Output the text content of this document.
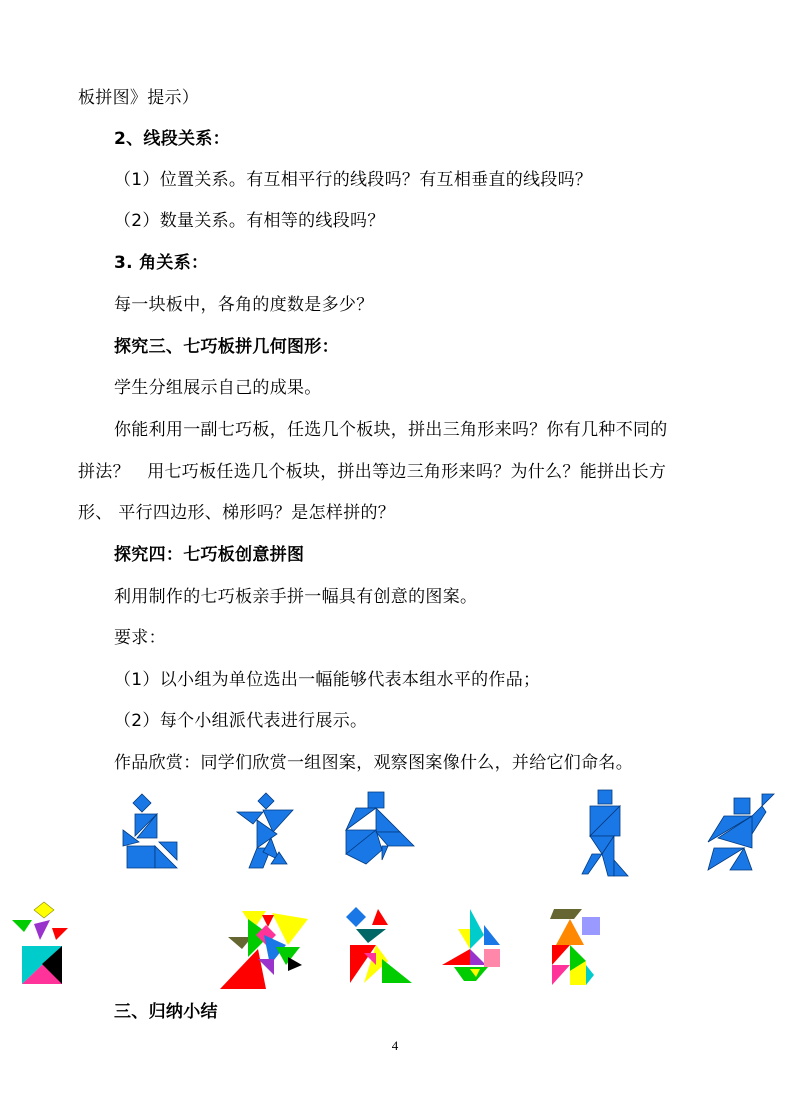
板拼图》提示）
2、线段关系：
（1）位置关系。有互相平行的线段吗？有互相垂直的线段吗？
（2）数量关系。有相等的线段吗？
3. 角关系：
每一块板中，各角的度数是多少？
探究三、七巧板拼几何图形：
学生分组展示自己的成果。
你能利用一副七巧板，任选几个板块，拼出三角形来吗？你有几种不同的
拼法？　用七巧板任选几个板块，拼出等边三角形来吗？为什么？能拼出长方
形、 平行四边形、梯形吗？是怎样拼的？
探究四：七巧板创意拼图
利用制作的七巧板亲手拼一幅具有创意的图案。
要求：
（1）以小组为单位选出一幅能够代表本组水平的作品；
（2）每个小组派代表进行展示。
作品欣赏：同学们欣赏一组图案，观察图案像什么，并给它们命名。
三、归纳小结
4
